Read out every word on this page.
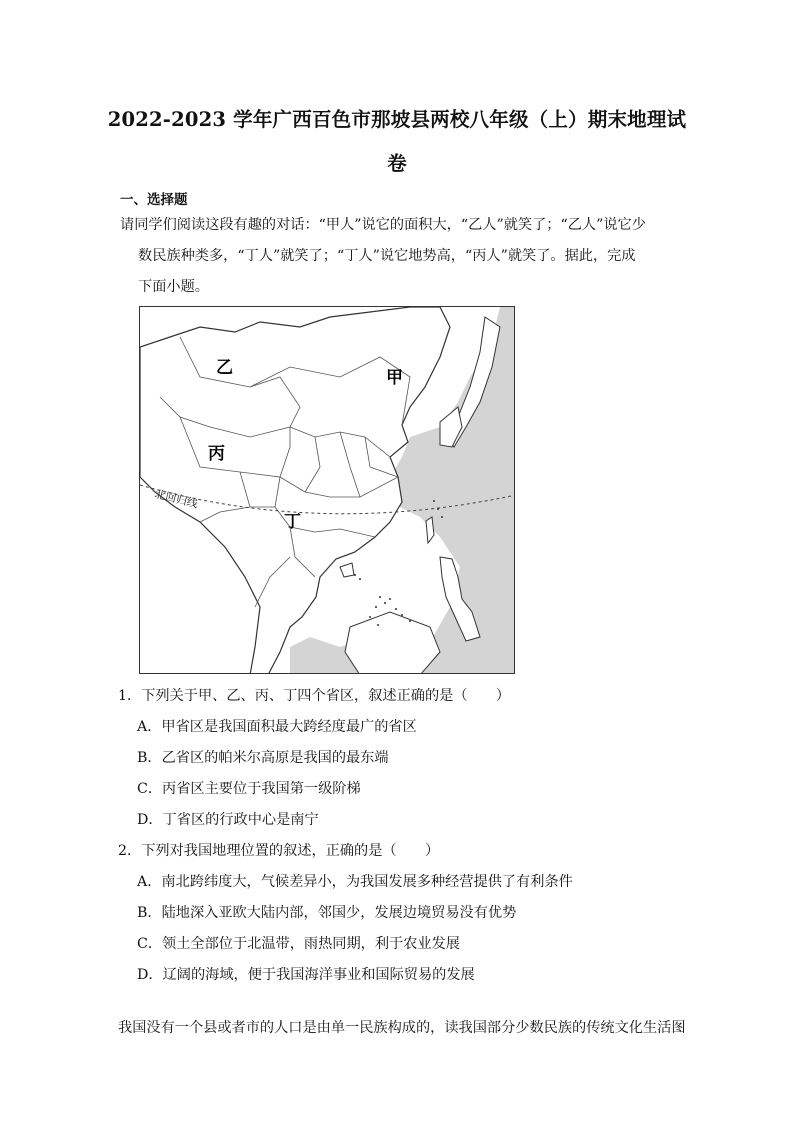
2022-2023 学年广西百色市那坡县两校八年级（上）期末地理试
卷
一、选择题
请同学们阅读这段有趣的对话：“甲人”说它的面积大，“乙人”就笑了；“乙人”说它少
数民族种类多，“丁人”就笑了；“丁人”说它地势高，“丙人”就笑了。据此，完成
下面小题。
北回归线
乙	甲
丙
丁
1．下列关于甲、乙、丙、丁四个省区，叙述正确的是（　　）
A．甲省区是我国面积最大跨经度最广的省区
B．乙省区的帕米尔高原是我国的最东端
C．丙省区主要位于我国第一级阶梯
D．丁省区的行政中心是南宁
2．下列对我国地理位置的叙述，正确的是（　　）
A．南北跨纬度大，气候差异小，为我国发展多种经营提供了有利条件
B．陆地深入亚欧大陆内部，邻国少，发展边境贸易没有优势
C．领土全部位于北温带，雨热同期，利于农业发展
D．辽阔的海域，便于我国海洋事业和国际贸易的发展
我国没有一个县或者市的人口是由单一民族构成的，读我国部分少数民族的传统文化生活图
